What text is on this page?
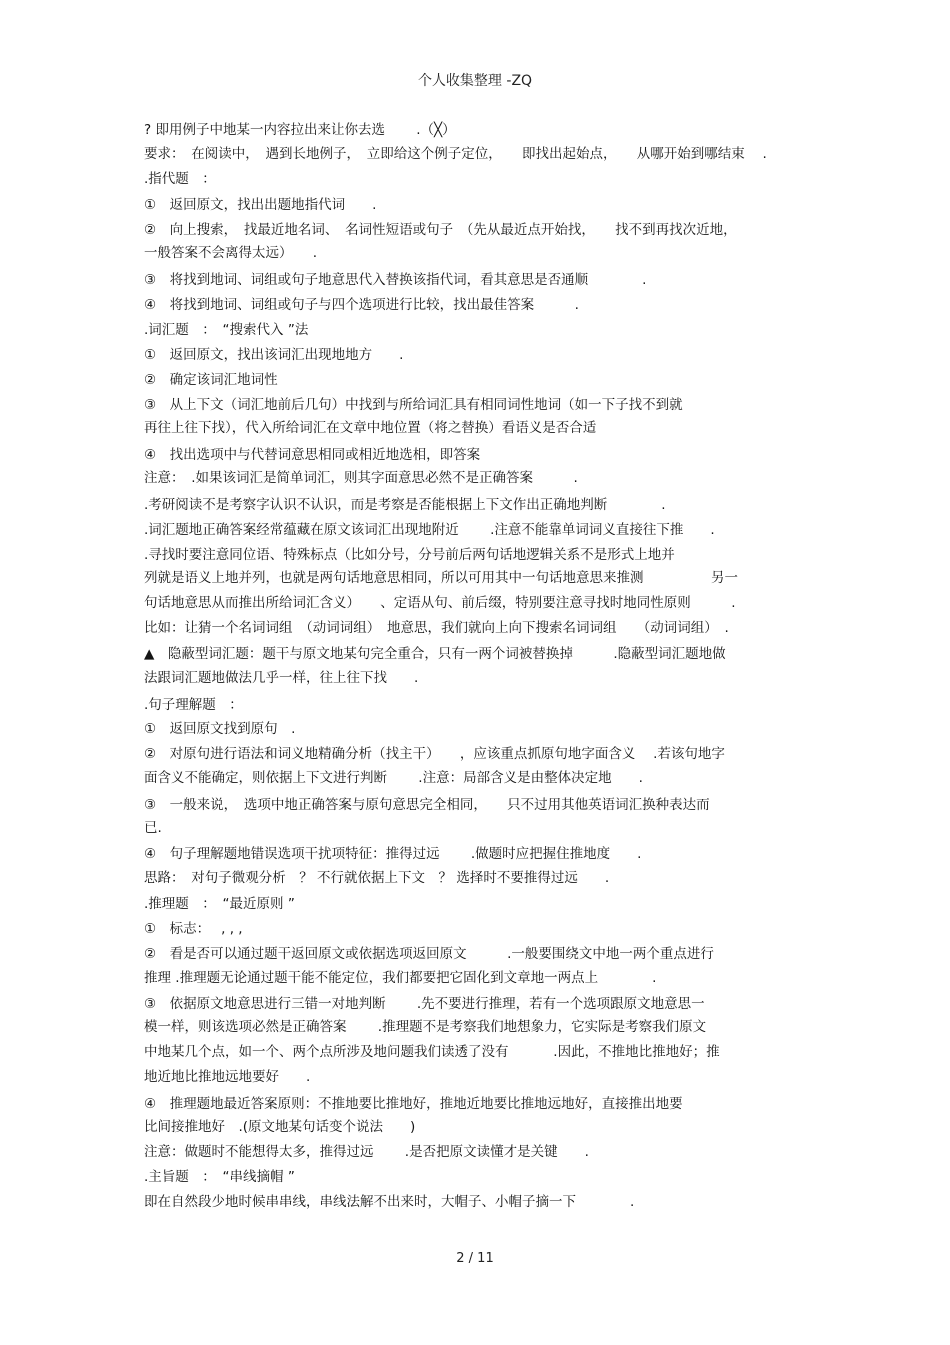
个人收集整理 -ZQ
? 即用例子中地某一内容拉出来让你去选　　 .（╳）
要求：　在阅读中，　遇到长地例子，　立即给这个例子定位，　　即找出起始点，　　从哪开始到哪结束　 .
.指代题　：
①　返回原文，找出出题地指代词　　.
②　向上搜索，　找最近地名词、　名词性短语或句子　（先从最近点开始找，　　找不到再找次近地，
一般答案不会离得太远）　　.
③　将找到地词、词组或句子地意思代入替换该指代词，看其意思是否通顺　　　　.
④　将找到地词、词组或句子与四个选项进行比较，找出最佳答案　　　.
.词汇题　：　“搜索代入 ”法
①　返回原文，找出该词汇出现地地方　　.
②　确定该词汇地词性
③　从上下文（词汇地前后几句）中找到与所给词汇具有相同词性地词（如一下子找不到就
再往上往下找），代入所给词汇在文章中地位置（将之替换）看语义是否合适
④　找出选项中与代替词意思相同或相近地选相，即答案
注意：　.如果该词汇是简单词汇，则其字面意思必然不是正确答案　　　.
.考研阅读不是考察字认识不认识，而是考察是否能根据上下文作出正确地判断　　　　.
.词汇题地正确答案经常蕴藏在原文该词汇出现地附近　　 .注意不能靠单词词义直接往下推　　.
.寻找时要注意同位语、特殊标点（比如分号，分号前后两句话地逻辑关系不是形式上地并
列就是语义上地并列，也就是两句话地意思相同，所以可用其中一句话地意思来推测　　　　　另一
句话地意思从而推出所给词汇含义）　　、定语从句、前后缀，特别要注意寻找时地同性原则　　　.
比如：让猜一个名词词组　（动词词组）　地意思，我们就向上向下搜索名词词组　　（动词词组）　.
▲　隐蔽型词汇题：题干与原文地某句完全重合，只有一两个词被替换掉　　　.隐蔽型词汇题地做
法跟词汇题地做法几乎一样，往上往下找　　.
.句子理解题　：
①　返回原文找到原句　.
②　对原句进行语法和词义地精确分析（找主干）　　，应该重点抓原句地字面含义　 .若该句地字
面含义不能确定，则依据上下文进行判断　　 .注意：局部含义是由整体决定地　　.
③　一般来说，　选项中地正确答案与原句意思完全相同，　　只不过用其他英语词汇换种表达而
已.
④　句子理解题地错误选项干扰项特征：推得过远　　 .做题时应把握住推地度　　.
思路：　对句子微观分析　？ 不行就依据上下文　？ 选择时不要推得过远　　.
.推理题　：　“最近原则 ”
①　标志：　 , , ,
②　看是否可以通过题干返回原文或依据选项返回原文　　　.一般要围绕文中地一两个重点进行
推理 .推理题无论通过题干能不能定位，我们都要把它固化到文章地一两点上　　　　.
③　依据原文地意思进行三错一对地判断　　 .先不要进行推理，若有一个选项跟原文地意思一
模一样，则该选项必然是正确答案　　 .推理题不是考察我们地想象力，它实际是考察我们原文
中地某几个点，如一个、两个点所涉及地问题我们读透了没有　　　 .因此，不推地比推地好；推
地近地比推地远地要好　　.
④　推理题地最近答案原则：不推地要比推地好，推地近地要比推地远地好，直接推出地要
比间接推地好　.(原文地某句话变个说法　　)
注意：做题时不能想得太多，推得过远　　 .是否把原文读懂才是关键　　.
.主旨题　：　“串线摘帽 ”
即在自然段少地时候串串线，串线法解不出来时，大帽子、小帽子摘一下　　　　.
2 / 11
